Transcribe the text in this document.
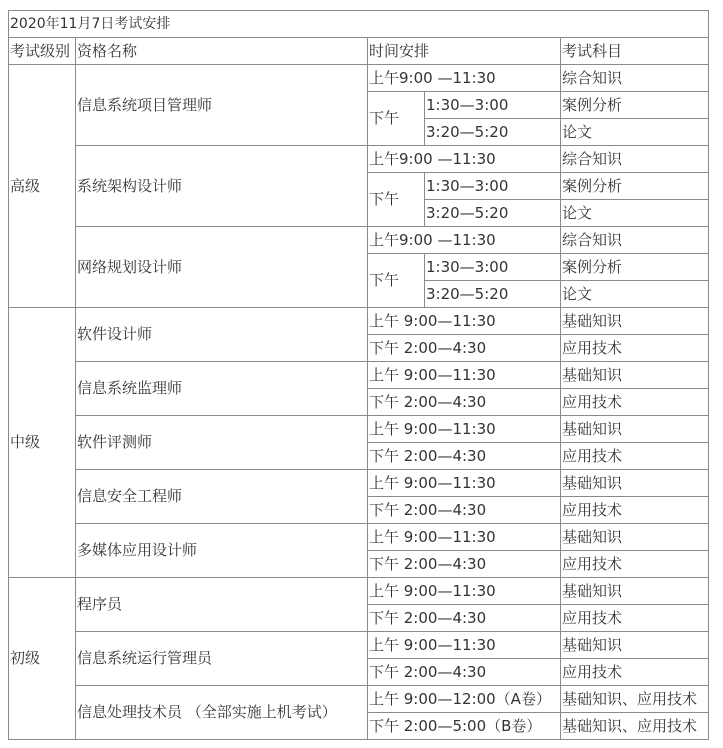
2020年11月7日考试安排				
考试级别	资格名称	时间安排		考试科目
高级	信息系统项目管理师	上午9:00 —11:30		综合知识
		下午	1:30—3:00	案例分析
			3:20—5:20	论文
	系统架构设计师	上午9:00 —11:30		综合知识
		下午	1:30—3:00	案例分析
			3:20—5:20	论文
	网络规划设计师	上午9:00 —11:30		综合知识
		下午	1:30—3:00	案例分析
			3:20—5:20	论文
中级	软件设计师	上午 9:00—11:30		基础知识
		下午 2:00—4:30		应用技术
	信息系统监理师	上午 9:00—11:30		基础知识
		下午 2:00—4:30		应用技术
	软件评测师	上午 9:00—11:30		基础知识
		下午 2:00—4:30		应用技术
	信息安全工程师	上午 9:00—11:30		基础知识
		下午 2:00—4:30		应用技术
	多媒体应用设计师	上午 9:00—11:30		基础知识
		下午 2:00—4:30		应用技术
初级	程序员	上午 9:00—11:30		基础知识
		下午 2:00—4:30		应用技术
	信息系统运行管理员	上午 9:00—11:30		基础知识
		下午 2:00—4:30		应用技术
	信息处理技术员 （全部实施上机考试）	上午 9:00—12:00（A卷）		基础知识、应用技术
		下午 2:00—5:00（B卷）		基础知识、应用技术
